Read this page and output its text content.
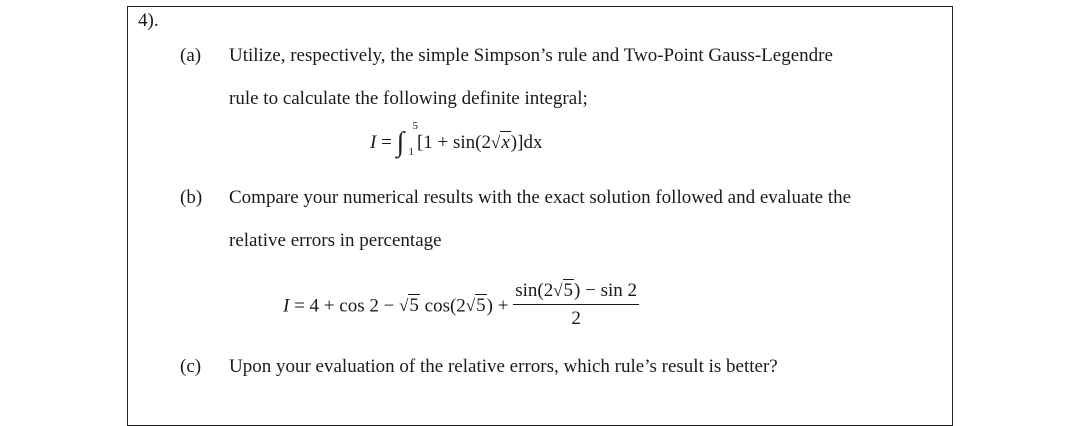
4).
(a) Utilize, respectively, the simple Simpson’s rule and Two-Point Gauss-Legendre
rule to calculate the following definite integral;
I = ∫
5
1 [1 + sin(2√x)]dx
(b) Compare your numerical results with the exact solution followed and evaluate the
relative errors in percentage
I = 4 + cos 2 − √5 $\cos(2√5) + \frac{\sin(2√5) - \sin 2}{2}$
(c) Upon your evaluation of the relative errors, which rule’s result is better?
